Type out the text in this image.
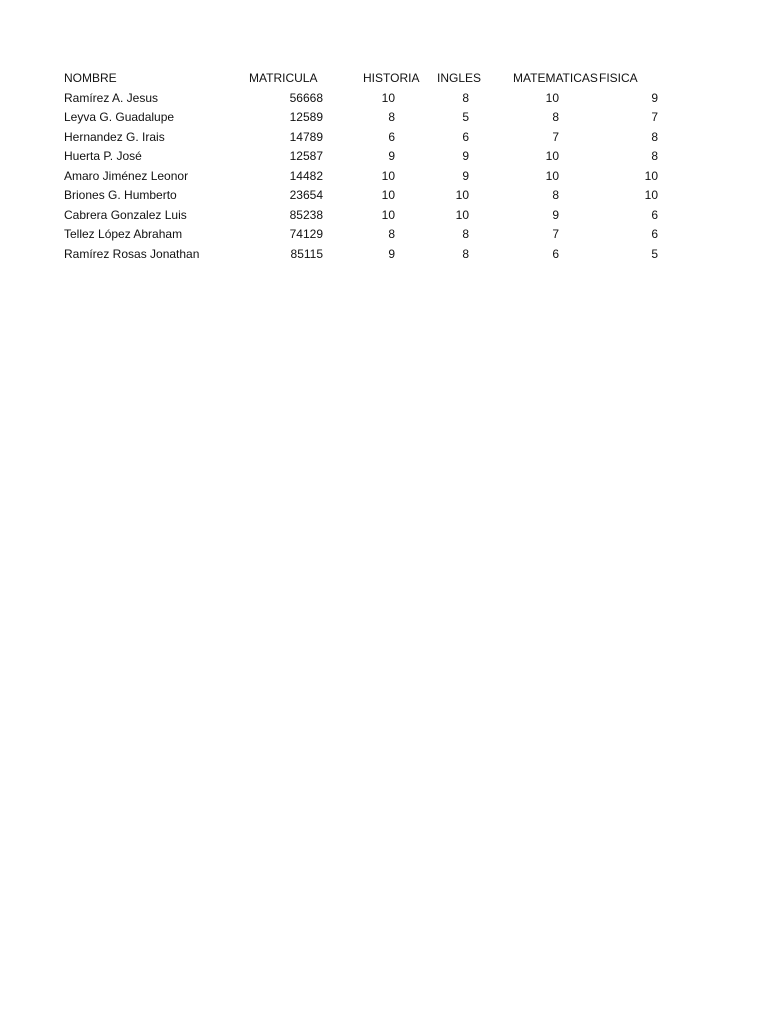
NOMBRE	MATRICULA	HISTORIA	INGLES	MATEMATICAS	FISICA
Ramírez A. Jesus	56668	10	8	10	9
Leyva G. Guadalupe	12589	8	5	8	7
Hernandez G. Irais	14789	6	6	7	8
Huerta P. José	12587	9	9	10	8
Amaro Jiménez Leonor	14482	10	9	10	10
Briones G. Humberto	23654	10	10	8	10
Cabrera Gonzalez Luis	85238	10	10	9	6
Tellez López Abraham	74129	8	8	7	6
Ramírez Rosas Jonathan	85115	9	8	6	5
